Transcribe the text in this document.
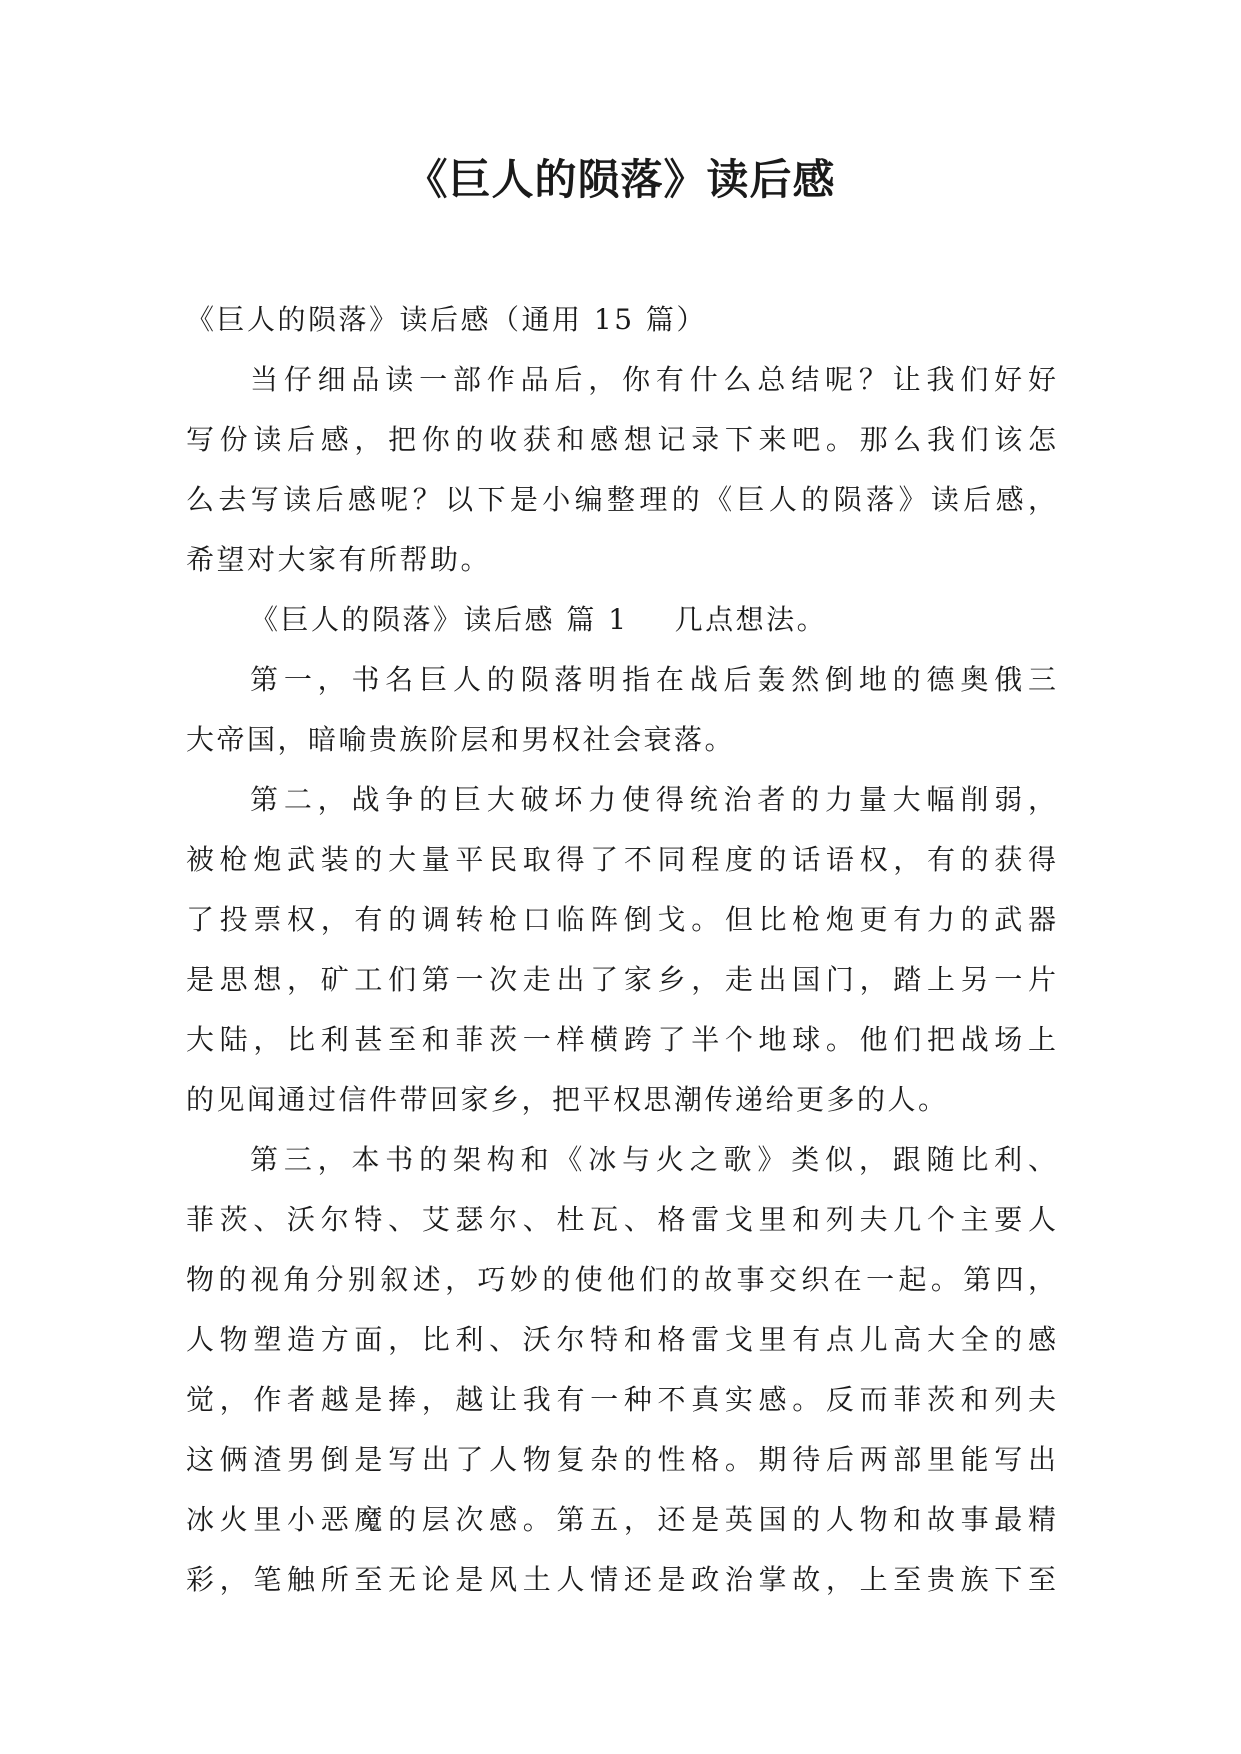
《巨人的陨落》读后感
《巨人的陨落》读后感（通用 15 篇）
当仔细品读一部作品后，你有什么总结呢？让我们好好
写份读后感，把你的收获和感想记录下来吧。那么我们该怎
么去写读后感呢？以下是小编整理的《巨人的陨落》读后感，
希望对大家有所帮助。
《巨人的陨落》读后感 篇 1 几点想法。
第一，书名巨人的陨落明指在战后轰然倒地的德奥俄三
大帝国，暗喻贵族阶层和男权社会衰落。
第二，战争的巨大破坏力使得统治者的力量大幅削弱，
被枪炮武装的大量平民取得了不同程度的话语权，有的获得
了投票权，有的调转枪口临阵倒戈。但比枪炮更有力的武器
是思想，矿工们第一次走出了家乡，走出国门，踏上另一片
大陆，比利甚至和菲茨一样横跨了半个地球。他们把战场上
的见闻通过信件带回家乡，把平权思潮传递给更多的人。
第三，本书的架构和《冰与火之歌》类似，跟随比利、
菲茨、沃尔特、艾瑟尔、杜瓦、格雷戈里和列夫几个主要人
物的视角分别叙述，巧妙的使他们的故事交织在一起。第四，
人物塑造方面，比利、沃尔特和格雷戈里有点儿高大全的感
觉，作者越是捧，越让我有一种不真实感。反而菲茨和列夫
这俩渣男倒是写出了人物复杂的性格。期待后两部里能写出
冰火里小恶魔的层次感。第五，还是英国的人物和故事最精
彩，笔触所至无论是风土人情还是政治掌故，上至贵族下至
